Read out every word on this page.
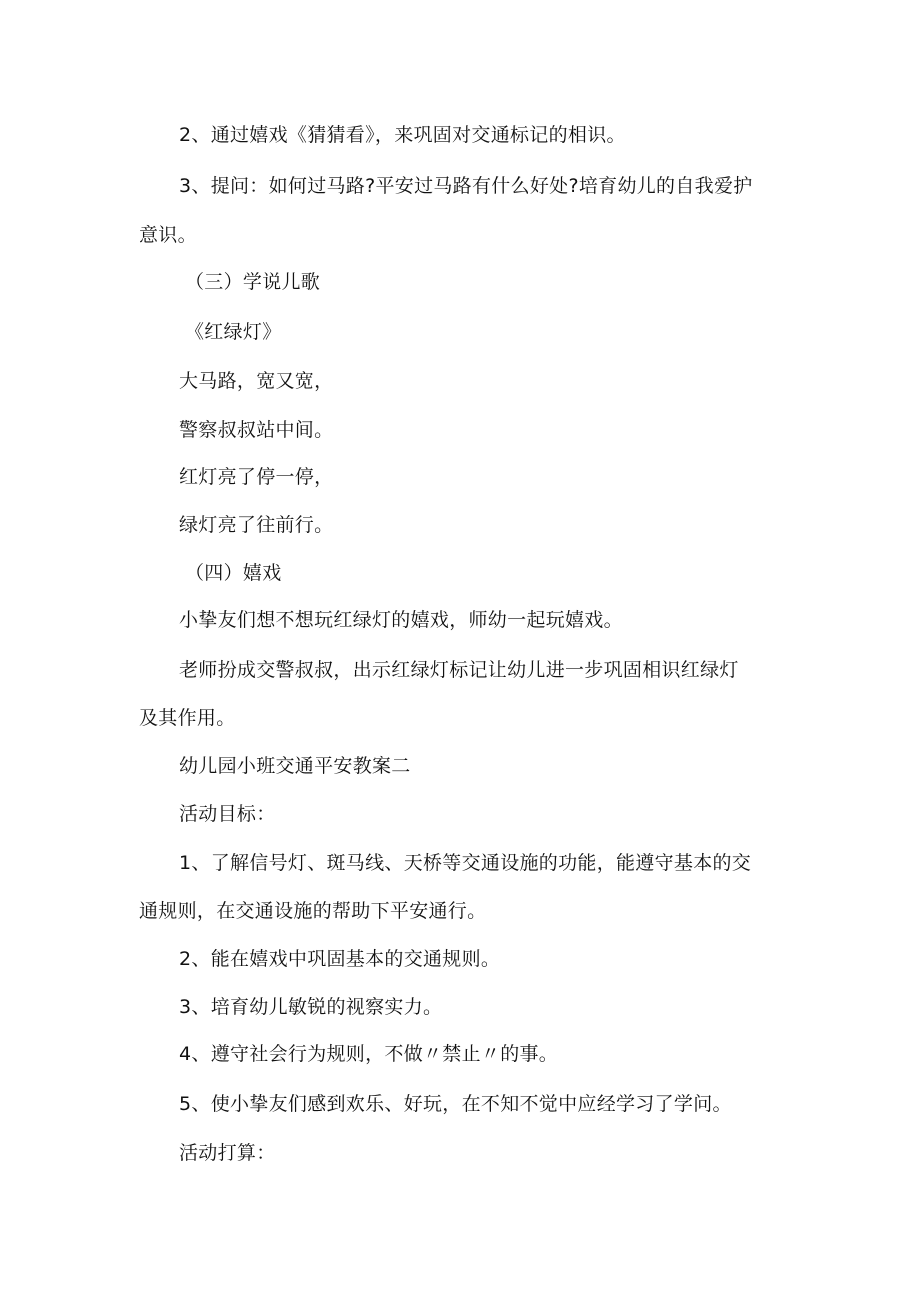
2、通过嬉戏《猜猜看》，来巩固对交通标记的相识。
3、提问：如何过马路?平安过马路有什么好处?培育幼儿的自我爱护
意识。
（三）学说儿歌
《红绿灯》
大马路，宽又宽，
警察叔叔站中间。
红灯亮了停一停，
绿灯亮了往前行。
（四）嬉戏
小挚友们想不想玩红绿灯的嬉戏，师幼一起玩嬉戏。
老师扮成交警叔叔，出示红绿灯标记让幼儿进一步巩固相识红绿灯
及其作用。
幼儿园小班交通平安教案二
活动目标：
1、了解信号灯、斑马线、天桥等交通设施的功能，能遵守基本的交
通规则，在交通设施的帮助下平安通行。
2、能在嬉戏中巩固基本的交通规则。
3、培育幼儿敏锐的视察实力。
4、遵守社会行为规则，不做〃禁止〃的事。
5、使小挚友们感到欢乐、好玩，在不知不觉中应经学习了学问。
活动打算：
